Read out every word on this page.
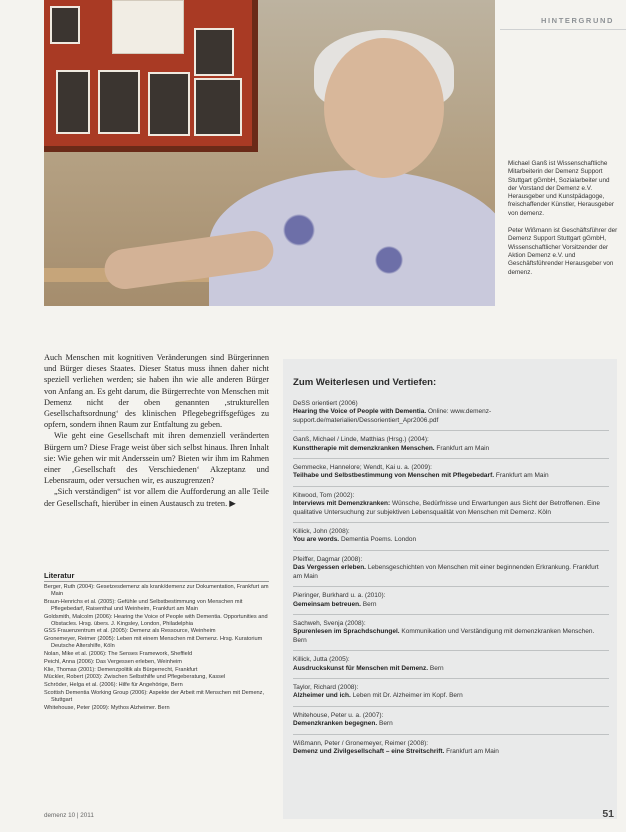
HINTERGRUND

Michael Ganß ist Wissenschaftliche Mitarbeiterin der Demenz Support Stuttgart gGmbH, Sozialarbeiter und der Vorstand der Demenz e.V. Herausgeber und Kunstpädagoge, freischaffender Künstler, Herausgeber von demenz.

Peter Wißmann ist Geschäftsführer der Demenz Support Stuttgart gGmbH, Wissenschaftlicher Vorsitzender der Aktion Demenz e.V. und Geschäftsführender Herausgeber von demenz.

Auch Menschen mit kognitiven Veränderungen sind Bürgerinnen und Bürger dieses Staates. Dieser Status muss ihnen daher nicht speziell verliehen werden; sie haben ihn wie alle anderen Bürger von Anfang an. Es geht darum, die Bürgerrechte von Menschen mit Demenz nicht der oben genannten ‚strukturellen Gesellschaftsordnung‘ des klinischen Pflegebegriffsgefüges zu opfern, sondern ihnen Raum zur Entfaltung zu geben.

Wie geht eine Gesellschaft mit ihren demenziell veränderten Bürgern um? Diese Frage weist über sich selbst hinaus. Ihren Inhalt sie: Wie gehen wir mit Anderssein um? Bieten wir ihm im Rahmen einer ‚Gesellschaft des Verschiedenen‘ Akzeptanz und Lebensraum, oder versuchen wir, es auszugrenzen?

„Sich verständigen“ ist vor allem die Aufforderung an alle Teile der Gesellschaft, hierüber in einen Austausch zu treten. ▶

Literatur

Berger, Ruth (2004): Gesetzesdemenz als krank/demenz zur Dokumentation, Frankfurt am Main

Braun-Henrichs et al. (2005): Gefühle und Selbstbestimmung von Menschen mit Pflegebedarf, Raisenthal und Weinheim, Frankfurt am Main

Goldsmith, Malcolm (2006): Hearing the Voice of People with Dementia. Opportunities and Obstacles. Hrsg. übers. J. Kingsley, London, Philadelphia

GSS Frauenzentrum et al. (2005): Demenz als Ressource, Weinheim

Gronemeyer, Reimer (2005): Leben mit einem Menschen mit Demenz. Hrsg. Kuratorium Deutsche Altershilfe, Köln

Nolan, Mike et al. (2006): The Senses Framework, Sheffield

Peichl, Anna (2006): Das Vergessen erleben, Weinheim

Klie, Thomas (2001): Demenzpolitik als Bürgerrecht, Frankfurt

Mückler, Robert (2003): Zwischen Selbsthilfe und Pflegeberatung, Kassel

Schröder, Helga et al. (2006): Hilfe für Angehörige, Bern

Scottish Dementia Working Group (2006): Aspekte der Arbeit mit Menschen mit Demenz, Stuttgart

Whitehouse, Peter (2009): Mythos Alzheimer. Bern

Zum Weiterlesen und Vertiefen:
DeSS orientiert (2006)
Hearing the Voice of People with Dementia. Online: www.demenz-support.de/materialien/Dessorientiert_Apr2006.pdf
Ganß, Michael / Linde, Matthias (Hrsg.) (2004):
Kunsttherapie mit demenzkranken Menschen. Frankfurt am Main
Gemmecke, Hannelore; Wendt, Kai u. a. (2009):
Teilhabe und Selbstbestimmung von Menschen mit Pflegebedarf. Frankfurt am Main
Kitwood, Tom (2002):
Interviews mit Demenzkranken: Wünsche, Bedürfnisse und Erwartungen aus Sicht der Betroffenen. Eine qualitative Untersuchung zur subjektiven Lebensqualität von Menschen mit Demenz. Köln
Killick, John (2008):
You are words. Dementia Poems. London
Pfeiffer, Dagmar (2008):
Das Vergessen erleben. Lebensgeschichten von Menschen mit einer beginnenden Erkrankung. Frankfurt am Main
Pieringer, Burkhard u. a. (2010):
Gemeinsam betreuen. Bern
Sachweh, Svenja (2008):
Spurenlesen im Sprachdschungel. Kommunikation und Verständigung mit demenzkranken Menschen. Bern
Killick, Jutta (2005):
Ausdruckskunst für Menschen mit Demenz. Bern
Taylor, Richard (2008):
Alzheimer und ich. Leben mit Dr. Alzheimer im Kopf. Bern
Whitehouse, Peter u. a. (2007):
Demenzkranken begegnen. Bern
Wißmann, Peter / Gronemeyer, Reimer (2008):
Demenz und Zivilgesellschaft – eine Streitschrift. Frankfurt am Main
demenz 10 | 2011	51
